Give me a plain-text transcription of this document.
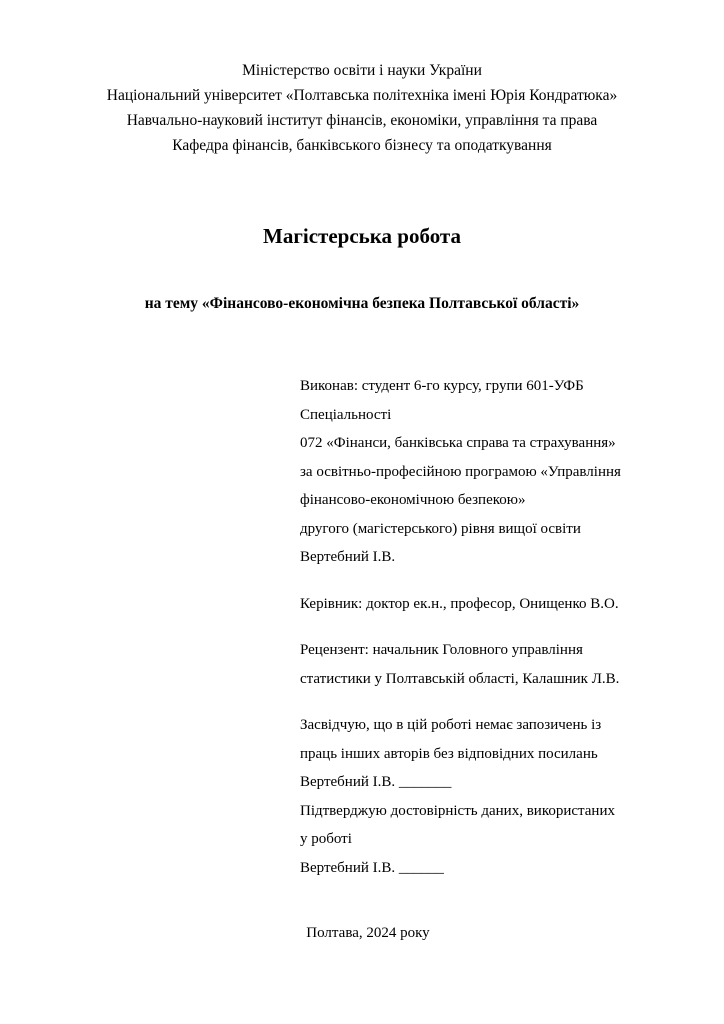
Міністерство освіти і науки України
Національний університет «Полтавська політехніка імені Юрія Кондратюка»
Навчально-науковий інститут фінансів, економіки, управління та права
Кафедра фінансів, банківського бізнесу та оподаткування
Магістерська робота
на тему «Фінансово-економічна безпека Полтавської області»

Виконав: студент 6-го курсу, групи 601-УФБ

Спеціальності

072 «Фінанси, банківська справа та страхування»

за освітньо-професійною програмою «Управління

фінансово-економічною безпекою»

другого (магістерського) рівня вищої освіти

Вертебний І.В.

Керівник: доктор ек.н., професор, Онищенко В.О.

Рецензент: начальник Головного управління

статистики у Полтавській області, Калашник Л.В.

Засвідчую, що в цій роботі немає запозичень із

праць інших авторів без відповідних посилань

Вертебний І.В. _______

Підтверджую достовірність даних, використаних

у роботі

Вертебний І.В. ______

Полтава, 2024 року
